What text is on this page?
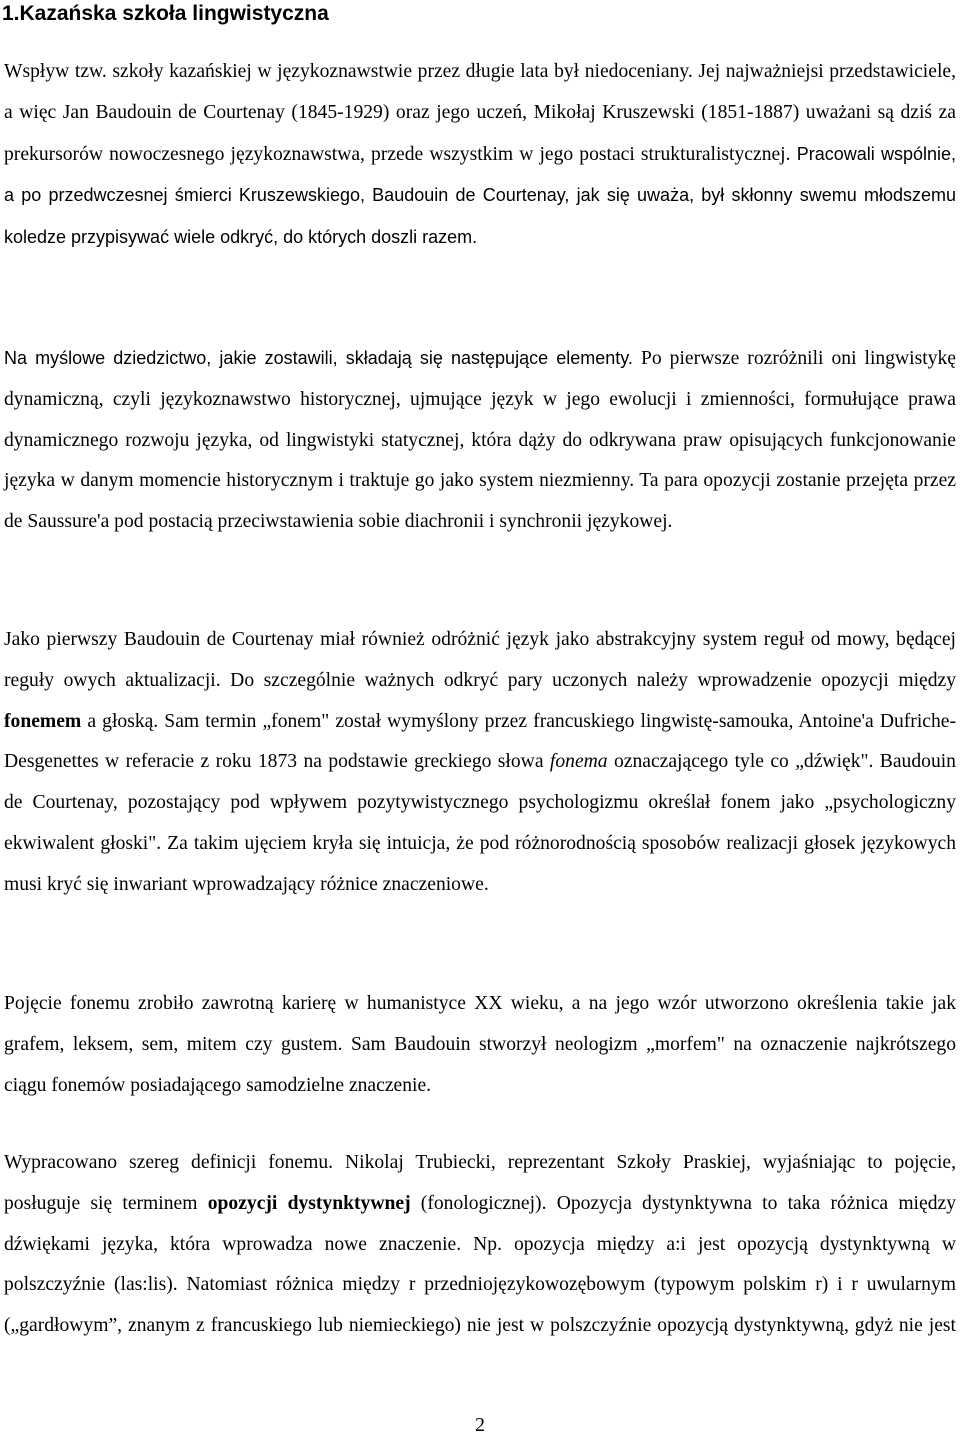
1.Kazańska szkoła lingwistyczna

Wspływ tzw. szkoły kazańskiej w językoznawstwie przez długie lata był niedoceniany. Jej najważniejsi przedstawiciele, a więc Jan Baudouin de Courtenay (1845-1929) oraz jego uczeń, Mikołaj Kruszewski (1851-1887) uważani są dziś za prekursorów nowoczesnego językoznawstwa, przede wszystkim w jego postaci strukturalistycznej. Pracowali wspólnie, a po przedwczesnej śmierci Kruszewskiego, Baudouin de Courtenay, jak się uważa, był skłonny swemu młodszemu koledze przypisywać wiele odkryć, do których doszli razem.

Na myślowe dziedzictwo, jakie zostawili, składają się następujące elementy. Po pierwsze rozróżnili oni lingwistykę dynamiczną, czyli językoznawstwo historycznej, ujmujące język w jego ewolucji i zmienności, formułujące prawa dynamicznego rozwoju języka, od lingwistyki statycznej, która dąży do odkrywana praw opisujących funkcjonowanie języka w danym momencie historycznym i traktuje go jako system niezmienny. Ta para opozycji zostanie przejęta przez de Saussure'a pod postacią przeciwstawienia sobie diachronii i synchronii językowej.

Jako pierwszy Baudouin de Courtenay miał również odróżnić język jako abstrakcyjny system reguł od mowy, będącej reguły owych aktualizacji. Do szczególnie ważnych odkryć pary uczonych należy wprowadzenie opozycji między fonemem a głoską. Sam termin „fonem" został wymyślony przez francuskiego lingwistę-samouka, Antoine'a Dufriche-Desgenettes w referacie z roku 1873 na podstawie greckiego słowa fonema oznaczającego tyle co „dźwięk". Baudouin de Courtenay, pozostający pod wpływem pozytywistycznego psychologizmu określał fonem jako „psychologiczny ekwiwalent głoski". Za takim ujęciem kryła się intuicja, że pod różnorodnością sposobów realizacji głosek językowych musi kryć się inwariant wprowadzający różnice znaczeniowe.

Pojęcie fonemu zrobiło zawrotną karierę w humanistyce XX wieku, a na jego wzór utworzono określenia takie jak grafem, leksem, sem, mitem czy gustem. Sam Baudouin stworzył neologizm „morfem" na oznaczenie najkrótszego ciągu fonemów posiadającego samodzielne znaczenie.

Wypracowano szereg definicji fonemu. Nikolaj Trubiecki, reprezentant Szkoły Praskiej, wyjaśniając to pojęcie, posługuje się terminem opozycji dystynktywnej (fonologicznej). Opozycja dystynktywna to taka różnica między dźwiękami języka, która wprowadza nowe znaczenie. Np. opozycja między a:i jest opozycją dystynktywną w polszczyźnie (las:lis). Natomiast różnica między r przedniojęzykowozębowym (typowym polskim r) i r uwularnym („gardłowym”, znanym z francuskiego lub niemieckiego) nie jest w polszczyźnie opozycją dystynktywną, gdyż nie jest

2
